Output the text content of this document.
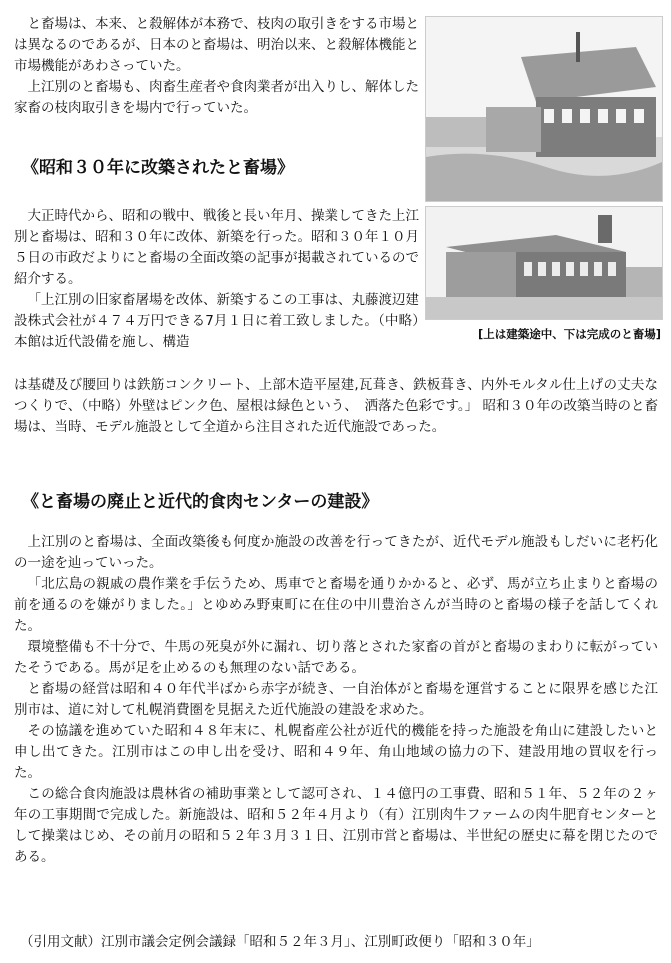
と畜場は、本来、と殺解体が本務で、枝肉の取引きをする市場とは異なるのであるが、日本のと畜場は、明治以来、と殺解体機能と市場機能があわさっていた。

上江別のと畜場も、肉畜生産者や食肉業者が出入りし、解体した家畜の枝肉取引きを場内で行っていた。

《昭和３０年に改築されたと畜場》

大正時代から、昭和の戦中、戦後と長い年月、操業してきた上江別と畜場は、昭和３０年に改体、新築を行った。昭和３０年１０月５日の市政だよりにと畜場の全面改築の記事が掲載されているので紹介する。

「上江別の旧家畜屠場を改体、新築するこの工事は、丸藤渡辺建設株式会社が４７４万円できる7月１日に着工致しました。（中略）本館は近代設備を施し、構造	[上は建築途中、下は完成のと畜場]

は基礎及び腰回りは鉄筋コンクリート、上部木造平屋建,瓦葺き、鉄板葺き、内外モルタル仕上げの丈夫なつくりで、（中略）外壁はピンク色、屋根は緑色という、　洒落た色彩です。」 昭和３０年の改築当時のと畜場は、当時、モデル施設として全道から注目された近代施設であった。

《と畜場の廃止と近代的食肉センターの建設》

上江別のと畜場は、全面改築後も何度か施設の改善を行ってきたが、近代モデル施設もしだいに老朽化の一途を辿っていった。

「北広島の親戚の農作業を手伝うため、馬車でと畜場を通りかかると、必ず、馬が立ち止まりと畜場の前を通るのを嫌がりました。」とゆめみ野東町に在住の中川豊治さんが当時のと畜場の様子を話してくれた。

環境整備も不十分で、牛馬の死臭が外に漏れ、切り落とされた家畜の首がと畜場のまわりに転がっていたそうである。馬が足を止めるのも無理のない話である。

と畜場の経営は昭和４０年代半ばから赤字が続き、一自治体がと畜場を運営することに限界を感じた江別市は、道に対して札幌消費圏を見据えた近代施設の建設を求めた。

その協議を進めていた昭和４８年末に、札幌畜産公社が近代的機能を持った施設を角山に建設したいと申し出てきた。江別市はこの申し出を受け、昭和４９年、角山地域の協力の下、建設用地の買収を行った。

この総合食肉施設は農林省の補助事業として認可され、１４億円の工事費、昭和５１年、５２年の２ヶ年の工事期間で完成した。新施設は、昭和５２年４月より（有）江別肉牛ファームの肉牛肥育センターとして操業はじめ、その前月の昭和５２年３月３１日、江別市営と畜場は、半世紀の歴史に幕を閉じたのである。

（引用文献）江別市議会定例会議録「昭和５２年３月」、江別町政便り「昭和３０年」
